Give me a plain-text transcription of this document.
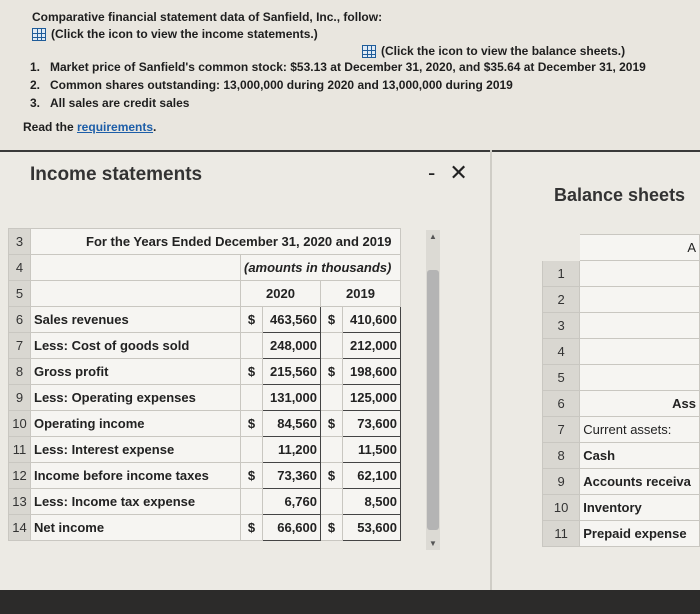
Comparative financial statement data of Sanfield, Inc., follow:
(Click the icon to view the income statements.)
(Click the icon to view the balance sheets.)
1. Market price of Sanfield's common stock: $53.13 at December 31, 2020, and $35.64 at December 31, 2019
2. Common shares outstanding: 13,000,000 during 2020 and 13,000,000 during 2019
3. All sales are credit sales
Read the requirements.
Income statements	- ✕
3	For the Years Ended December 31, 2020 and 2019				
4		(amounts in thousands)			
5		2020		2019	
6	Sales revenues	$	463,560	$	410,600
7	Less: Cost of goods sold		248,000		212,000
8	Gross profit	$	215,560	$	198,600
9	Less: Operating expenses		131,000		125,000
10	Operating income	$	84,560	$	73,600
11	Less: Interest expense		11,200		11,500
12	Income before income taxes	$	73,360	$	62,100
13	Less: Income tax expense		6,760		8,500
14	Net income	$	66,600	$	53,600
▲
▼
Balance sheets
	A
1	
2	
3	
4	
5	
6	Ass
7	Current assets:
8	Cash
9	Accounts receiva
10	Inventory
11	Prepaid expense
